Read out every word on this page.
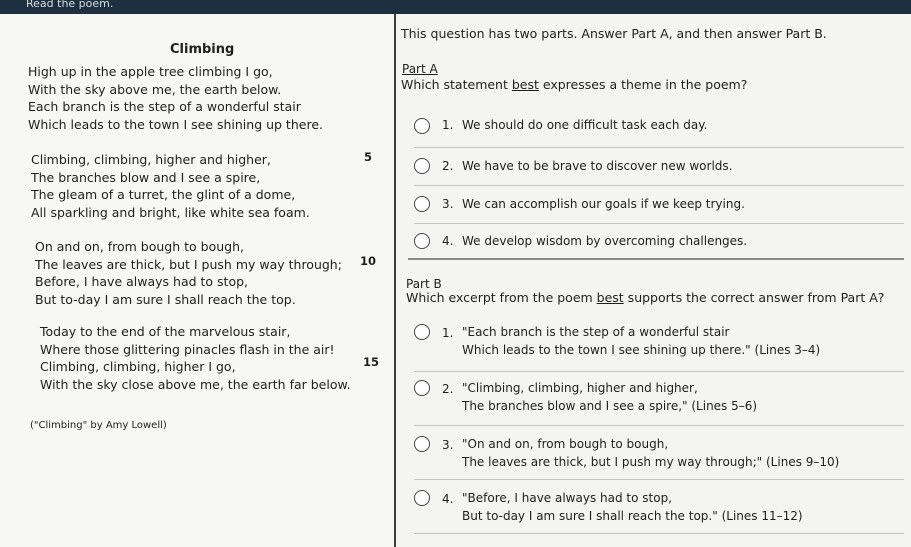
Read the poem.
Climbing
High up in the apple tree climbing I go,
With the sky above me, the earth below.
Each branch is the step of a wonderful stair
Which leads to the town I see shining up there.
Climbing, climbing, higher and higher,
The branches blow and I see a spire,
The gleam of a turret, the glint of a dome,
All sparkling and bright, like white sea foam.
On and on, from bough to bough,
The leaves are thick, but I push my way through;
Before, I have always had to stop,
But to-day I am sure I shall reach the top.
Today to the end of the marvelous stair,
Where those glittering pinacles flash in the air!
Climbing, climbing, higher I go,
With the sky close above me, the earth far below.
5
10
15
("Climbing" by Amy Lowell)
This question has two parts. Answer Part A, and then answer Part B.
Part A
Which statement best expresses a theme in the poem?
1. We should do one difficult task each day.
2. We have to be brave to discover new worlds.
3. We can accomplish our goals if we keep trying.
4. We develop wisdom by overcoming challenges.
Part B
Which excerpt from the poem best supports the correct answer from Part A?
1. "Each branch is the step of a wonderful stair
Which leads to the town I see shining up there." (Lines 3–4)
2. "Climbing, climbing, higher and higher,
The branches blow and I see a spire," (Lines 5–6)
3. "On and on, from bough to bough,
The leaves are thick, but I push my way through;" (Lines 9–10)
4. "Before, I have always had to stop,
But to-day I am sure I shall reach the top." (Lines 11–12)
